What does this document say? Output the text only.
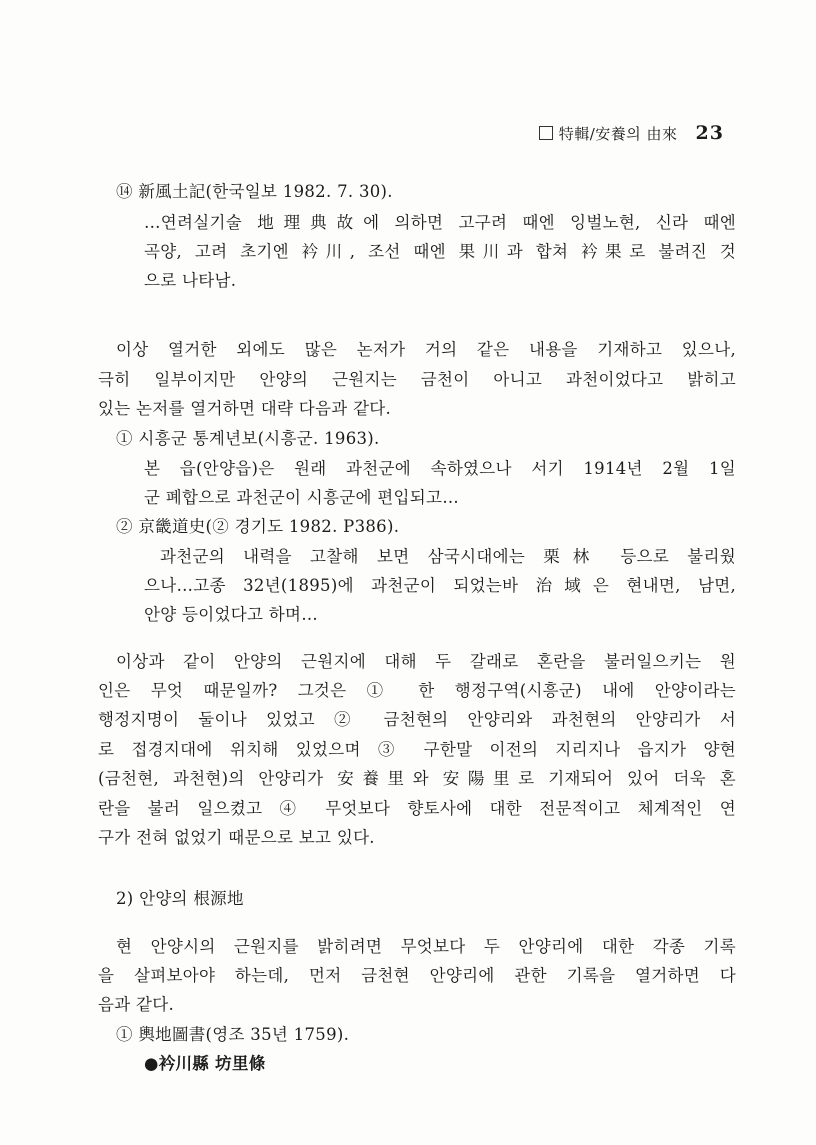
特輯/安養의 由來 23
⑭ 新風土記(한국일보 1982. 7. 30).
…연려실기술 地理典故에 의하면 고구려 때엔 잉벌노현, 신라 때엔
곡양, 고려 초기엔 衿川, 조선 때엔 果川과 합쳐 衿果로 불려진 것
으로 나타남.
이상 열거한 외에도 많은 논저가 거의 같은 내용을 기재하고 있으나,
극히 일부이지만 안양의 근원지는 금천이 아니고 과천이었다고 밝히고
있는 논저를 열거하면 대략 다음과 같다.
① 시흥군 통계년보(시흥군. 1963).
본 읍(안양읍)은 원래 과천군에 속하였으나 서기 1914년 2월 1일
군 폐합으로 과천군이 시흥군에 편입되고…
② 京畿道史(② 경기도 1982. P386).
과천군의 내력을 고찰해 보면 삼국시대에는 栗林 등으로 불리웠
으나…고종 32년(1895)에 과천군이 되었는바 治域은 현내면, 남면,
안양 등이었다고 하며…
이상과 같이 안양의 근원지에 대해 두 갈래로 혼란을 불러일으키는 원
인은 무엇 때문일까? 그것은 ① 한 행정구역(시흥군) 내에 안양이라는
행정지명이 둘이나 있었고 ② 금천현의 안양리와 과천현의 안양리가 서
로 접경지대에 위치해 있었으며 ③ 구한말 이전의 지리지나 읍지가 양현
(금천현, 과천현)의 안양리가 安養里와 安陽里로 기재되어 있어 더욱 혼
란을 불러 일으켰고 ④ 무엇보다 향토사에 대한 전문적이고 체계적인 연
구가 전혀 없었기 때문으로 보고 있다.
2) 안양의 根源地
현 안양시의 근원지를 밝히려면 무엇보다 두 안양리에 대한 각종 기록
을 살펴보아야 하는데, 먼저 금천현 안양리에 관한 기록을 열거하면 다
음과 같다.
① 輿地圖書(영조 35년 1759).
●衿川縣 坊里條
